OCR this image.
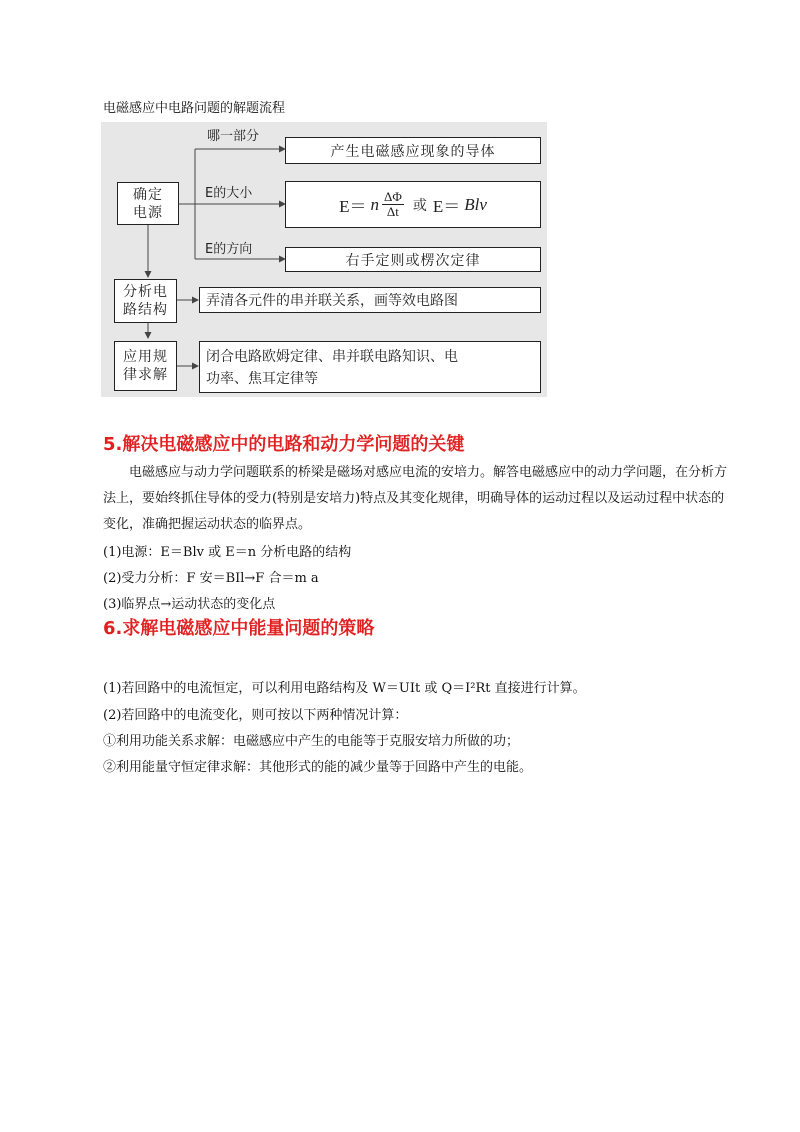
电磁感应中电路问题的解题流程
确定
电源
分析电
路结构
应用规
律求解
哪一部分
E的大小
E的方向
产生电磁感应现象的导体
E＝ n $\frac{\Delta\Phi}{\Delta t}$ 或 E＝ Blv
右手定则或楞次定律
弄清各元件的串并联关系，画等效电路图
闭合电路欧姆定律、串并联电路知识、电
功率、焦耳定律等
5.解决电磁感应中的电路和动力学问题的关键
电磁感应与动力学问题联系的桥梁是磁场对感应电流的安培力。解答电磁感应中的动力学问题，在分析方法上，要始终抓住导体的受力(特别是安培力)特点及其变化规律，明确导体的运动过程以及运动过程中状态的变化，准确把握运动状态的临界点。
(1)电源：E＝Blv 或 E＝n 分析电路的结构
(2)受力分析：F 安＝BIl→F 合＝m a
(3)临界点→运动状态的变化点
6.求解电磁感应中能量问题的策略
(1)若回路中的电流恒定，可以利用电路结构及 W＝UIt 或 Q＝I²Rt 直接进行计算。
(2)若回路中的电流变化，则可按以下两种情况计算：
①利用功能关系求解：电磁感应中产生的电能等于克服安培力所做的功；
②利用能量守恒定律求解：其他形式的能的减少量等于回路中产生的电能。
